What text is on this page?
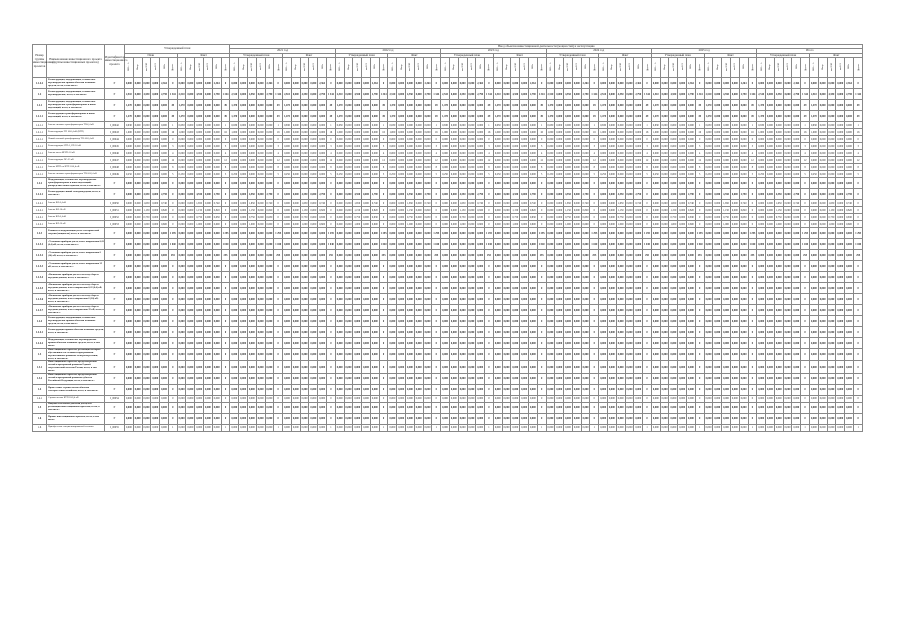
Номер группы инвестиционных проектов	Наименование инвестиционного проекта (группы инвестиционных проектов)	Идентификатор инвестиционного проекта	Утвержденный план	Ввод объектов инвестиционной деятельности (мощностей) в эксплуатацию
2021 год	2022 год	2023 год	2024 год	2025 год	Итого
План	Факт	Утвержденный план	Факт	Утвержденный план	Факт	Утвержденный план	Факт	Утвержденный план	Факт	Утвержденный план	Факт	Утвержденный план	Факт
МВ×А	Мвар	км ЛЭП	км КЛ	МВт	Другое	МВ×А	Мвар	км ЛЭП	км КЛ	МВт	Другое	МВ×А	Мвар	км ЛЭП	км КЛ	МВт	Другое	МВ×А	Мвар	км ЛЭП	км КЛ	МВт	Другое	МВ×А	Мвар	км ЛЭП	км КЛ	МВт	Другое	МВ×А	Мвар	км ЛЭП	км КЛ	МВт	Другое	МВ×А	Мвар	км ЛЭП	км КЛ	МВт	Другое	МВ×А	Мвар	км ЛЭП	км КЛ	МВт	Другое	МВ×А	Мвар	км ЛЭП	км КЛ	МВт	Другое	МВ×А	Мвар	км ЛЭП	км КЛ	МВт	Другое	МВ×А	Мвар	км ЛЭП	км КЛ	МВт	Другое	МВ×А	Мвар	км ЛЭП	км КЛ	МВт	Другое	МВ×А	Мвар	км ЛЭП	км КЛ	МВт	Другое	МВ×А	Мвар	км ЛЭП	км КЛ	МВт	Другое
1.1.4.2	Реконструкция, модернизация, техническое перевооружение прочих объектов основных средств, всего, в том числе:	Г	0,000	0,000	0,000	0,000	2,364	0	0,000	0,000	0,000	0,000	2,364	0	0,000	0,000	0,000	0,000	2,364	0	0,000	0,000	0,000	0,000	2,364	0	0,000	0,000	0,000	0,000	2,364	0	0,000	0,000	0,000	0,000	2,364	0	0,000	0,000	0,000	0,000	2,364	0	0,000	0,000	0,000	0,000	2,364	0	0,000	0,000	0,000	0,000	2,364	0	0,000	0,000	0,000	0,000	2,364	0	0,000	0,000	0,000	0,000	2,364	0	0,000	0,000	0,000	0,000	2,364	0	0,000	0,000	0,000	0,000	2,364	0	0,000	0,000	0,000	0,000	2,364	0
1.2	Реконструкция, модернизация, техническое перевооружение, всего, в том числе:	Г	2,510	0,000	4,550	0,000	2,790	1 344	2,510	0,000	4,550	0,000	2,790	1 344	2,510	0,000	4,550	0,000	2,790	1 344	2,510	0,000	4,550	0,000	2,790	1 344	2,510	0,000	4,550	0,000	2,790	1 344	2,510	0,000	4,550	0,000	2,790	1 344	2,510	0,000	4,550	0,000	2,790	1 344	2,510	0,000	4,550	0,000	2,790	1 344	2,510	0,000	4,550	0,000	2,790	1 344	2,510	0,000	4,550	0,000	2,790	1 344	2,510	0,000	4,550	0,000	2,790	1 344	2,510	0,000	4,550	0,000	2,790	1 344	2,510	0,000	4,550	0,000	2,790	1 344	2,510	0,000	4,550	0,000	2,790	1 344
1.2.1	Реконструкция, модернизация, техническое перевооружение трансформаторных и иных подстанций, всего, в том числе:	Г	1,470	0,000	0,000	0,000	0,000	49	1,470	0,000	0,000	0,000	0,000	49	1,470	0,000	0,000	0,000	0,000	49	1,470	0,000	0,000	0,000	0,000	49	1,470	0,000	0,000	0,000	0,000	49	1,470	0,000	0,000	0,000	0,000	49	1,470	0,000	0,000	0,000	0,000	49	1,470	0,000	0,000	0,000	0,000	49	1,470	0,000	0,000	0,000	0,000	49	1,470	0,000	0,000	0,000	0,000	49	1,470	0,000	0,000	0,000	0,000	49	1,470	0,000	0,000	0,000	0,000	49	1,470	0,000	0,000	0,000	0,000	49	1,470	0,000	0,000	0,000	0,000	49
1.2.1.1	Реконструкция трансформаторных и иных подстанций, всего, в том числе:	Г	1,470	0,000	0,000	0,000	0,000	49	1,470	0,000	0,000	0,000	0,000	49	1,470	0,000	0,000	0,000	0,000	49	1,470	0,000	0,000	0,000	0,000	49	1,470	0,000	0,000	0,000	0,000	49	1,470	0,000	0,000	0,000	0,000	49	1,470	0,000	0,000	0,000	0,000	49	1,470	0,000	0,000	0,000	0,000	49	1,470	0,000	0,000	0,000	0,000	49	1,470	0,000	0,000	0,000	0,000	49	1,470	0,000	0,000	0,000	0,000	49	1,470	0,000	0,000	0,000	0,000	49	1,470	0,000	0,000	0,000	0,000	49	1,470	0,000	0,000	0,000	0,000	49
1.2.1.1	Замена силовых трансформаторов ТП-0,4 кВ	I_00042	0,630	0,000	0,000	0,000	0,000	1	0,630	0,000	0,000	0,000	0,000	1	0,630	0,000	0,000	0,000	0,000	1	0,630	0,000	0,000	0,000	0,000	1	0,630	0,000	0,000	0,000	0,000	1	0,630	0,000	0,000	0,000	0,000	1	0,630	0,000	0,000	0,000	0,000	1	0,630	0,000	0,000	0,000	0,000	1	0,630	0,000	0,000	0,000	0,000	1	0,630	0,000	0,000	0,000	0,000	1	0,630	0,000	0,000	0,000	0,000	1	0,630	0,000	0,000	0,000	0,000	1	0,630	0,000	0,000	0,000	0,000	1	0,630	0,000	0,000	0,000	0,000	1
1.2.1.1	Реконструкция ТП 10/0,4 кВ (КТП)	I_00043	1,000	0,000	0,000	0,000	0,000	16	1,000	0,000	0,000	0,000	0,000	16	1,000	0,000	0,000	0,000	0,000	16	1,000	0,000	0,000	0,000	0,000	16	1,000	0,000	0,000	0,000	0,000	16	1,000	0,000	0,000	0,000	0,000	16	1,000	0,000	0,000	0,000	0,000	16	1,000	0,000	0,000	0,000	0,000	16	1,000	0,000	0,000	0,000	0,000	16	1,000	0,000	0,000	0,000	0,000	16	1,000	0,000	0,000	0,000	0,000	16	1,000	0,000	0,000	0,000	0,000	16	1,000	0,000	0,000	0,000	0,000	16	1,000	0,000	0,000	0,000	0,000	16
1.2.1.1	Новый силовой трансформатор ТП-10/0,4 кВ	I_00044	0,000	0,000	0,000	0,000	0,000	0	0,000	0,000	0,000	0,000	0,000	0	0,000	0,000	0,000	0,000	0,000	0	0,000	0,000	0,000	0,000	0,000	0	0,000	0,000	0,000	0,000	0,000	0	0,000	0,000	0,000	0,000	0,000	0	0,000	0,000	0,000	0,000	0,000	0	0,000	0,000	0,000	0,000	0,000	0	0,000	0,000	0,000	0,000	0,000	0	0,000	0,000	0,000	0,000	0,000	0	0,000	0,000	0,000	0,000	0,000	0	0,000	0,000	0,000	0,000	0,000	0	0,000	0,000	0,000	0,000	0,000	0	0,000	0,000	0,000	0,000	0,000	0
1.2.1.1	Реконструкция ЗТП-5, РП-10 кВ	I_00045	0,000	0,000	0,000	0,000	0,000	3	0,000	0,000	0,000	0,000	0,000	3	0,000	0,000	0,000	0,000	0,000	3	0,000	0,000	0,000	0,000	0,000	3	0,000	0,000	0,000	0,000	0,000	3	0,000	0,000	0,000	0,000	0,000	3	0,000	0,000	0,000	0,000	0,000	3	0,000	0,000	0,000	0,000	0,000	3	0,000	0,000	0,000	0,000	0,000	3	0,000	0,000	0,000	0,000	0,000	3	0,000	0,000	0,000	0,000	0,000	3	0,000	0,000	0,000	0,000	0,000	3	0,000	0,000	0,000	0,000	0,000	3	0,000	0,000	0,000	0,000	0,000	3
1.2.1.1	Замена ячеек КРУН-10 кВ	I_00046	0,000	0,000	0,000	0,000	0,000	4	0,000	0,000	0,000	0,000	0,000	4	0,000	0,000	0,000	0,000	0,000	4	0,000	0,000	0,000	0,000	0,000	4	0,000	0,000	0,000	0,000	0,000	4	0,000	0,000	0,000	0,000	0,000	4	0,000	0,000	0,000	0,000	0,000	4	0,000	0,000	0,000	0,000	0,000	4	0,000	0,000	0,000	0,000	0,000	4	0,000	0,000	0,000	0,000	0,000	4	0,000	0,000	0,000	0,000	0,000	4	0,000	0,000	0,000	0,000	0,000	4	0,000	0,000	0,000	0,000	0,000	4	0,000	0,000	0,000	0,000	0,000	4
1.2.1.1	Реконструкция ПС-35 кВ	I_00047	0,000	0,000	0,000	0,000	0,000	12	0,000	0,000	0,000	0,000	0,000	12	0,000	0,000	0,000	0,000	0,000	12	0,000	0,000	0,000	0,000	0,000	12	0,000	0,000	0,000	0,000	0,000	12	0,000	0,000	0,000	0,000	0,000	12	0,000	0,000	0,000	0,000	0,000	12	0,000	0,000	0,000	0,000	0,000	12	0,000	0,000	0,000	0,000	0,000	12	0,000	0,000	0,000	0,000	0,000	12	0,000	0,000	0,000	0,000	0,000	12	0,000	0,000	0,000	0,000	0,000	12	0,000	0,000	0,000	0,000	0,000	12	0,000	0,000	0,000	0,000	0,000	12
1.2.1.1	Замена МТП на КТП 10/0,4 кВ	I_00048	0,000	0,000	0,000	0,000	0,000	8	0,000	0,000	0,000	0,000	0,000	8	0,000	0,000	0,000	0,000	0,000	8	0,000	0,000	0,000	0,000	0,000	8	0,000	0,000	0,000	0,000	0,000	8	0,000	0,000	0,000	0,000	0,000	8	0,000	0,000	0,000	0,000	0,000	8	0,000	0,000	0,000	0,000	0,000	8	0,000	0,000	0,000	0,000	0,000	8	0,000	0,000	0,000	0,000	0,000	8	0,000	0,000	0,000	0,000	0,000	8	0,000	0,000	0,000	0,000	0,000	8	0,000	0,000	0,000	0,000	0,000	8	0,000	0,000	0,000	0,000	0,000	8
1.2.1.1	Замена силовых трансформаторов ТП-10/0,4 кВ	I_00049	0,250	0,000	0,000	0,000	0,000	5	0,250	0,000	0,000	0,000	0,000	5	0,250	0,000	0,000	0,000	0,000	5	0,250	0,000	0,000	0,000	0,000	5	0,250	0,000	0,000	0,000	0,000	5	0,250	0,000	0,000	0,000	0,000	5	0,250	0,000	0,000	0,000	0,000	5	0,250	0,000	0,000	0,000	0,000	5	0,250	0,000	0,000	0,000	0,000	5	0,250	0,000	0,000	0,000	0,000	5	0,250	0,000	0,000	0,000	0,000	5	0,250	0,000	0,000	0,000	0,000	5	0,250	0,000	0,000	0,000	0,000	5	0,250	0,000	0,000	0,000	0,000	5
1.2.2	Модернизация, техническое перевооружение трансформаторных и иных подстанций, распределительных пунктов, всего, в том числе:	Г	0,000	0,000	0,000	0,000	0,000	0	0,000	0,000	0,000	0,000	0,000	0	0,000	0,000	0,000	0,000	0,000	0	0,000	0,000	0,000	0,000	0,000	0	0,000	0,000	0,000	0,000	0,000	0	0,000	0,000	0,000	0,000	0,000	0	0,000	0,000	0,000	0,000	0,000	0	0,000	0,000	0,000	0,000	0,000	0	0,000	0,000	0,000	0,000	0,000	0	0,000	0,000	0,000	0,000	0,000	0	0,000	0,000	0,000	0,000	0,000	0	0,000	0,000	0,000	0,000	0,000	0	0,000	0,000	0,000	0,000	0,000	0	0,000	0,000	0,000	0,000	0,000	0
1.2.2.1	Реконструкция линий электропередачи, всего, в том числе:	Г	0,000	0,000	4,550	0,000	2,790	0	0,000	0,000	4,550	0,000	2,790	0	0,000	0,000	4,550	0,000	2,790	0	0,000	0,000	4,550	0,000	2,790	0	0,000	0,000	4,550	0,000	2,790	0	0,000	0,000	4,550	0,000	2,790	0	0,000	0,000	4,550	0,000	2,790	0	0,000	0,000	4,550	0,000	2,790	0	0,000	0,000	4,550	0,000	2,790	0	0,000	0,000	4,550	0,000	2,790	0	0,000	0,000	4,550	0,000	2,790	0	0,000	0,000	4,550	0,000	2,790	0	0,000	0,000	4,550	0,000	2,790	0	0,000	0,000	4,550	0,000	2,790	0
1.2.2.1	Замена ВЛ-0,4 кВ	I_00050	0,000	0,000	1,650	0,000	0,740	0	0,000	0,000	1,650	0,000	0,740	0	0,000	0,000	1,650	0,000	0,740	0	0,000	0,000	1,650	0,000	0,740	0	0,000	0,000	1,650	0,000	0,740	0	0,000	0,000	1,650	0,000	0,740	0	0,000	0,000	1,650	0,000	0,740	0	0,000	0,000	1,650	0,000	0,740	0	0,000	0,000	1,650	0,000	0,740	0	0,000	0,000	1,650	0,000	0,740	0	0,000	0,000	1,650	0,000	0,740	0	0,000	0,000	1,650	0,000	0,740	0	0,000	0,000	1,650	0,000	0,740	0	0,000	0,000	1,650	0,000	0,740	0
1.2.2.1	Замена ВЛ-10 кВ	I_00051	0,000	0,000	1,150	0,000	0,820	0	0,000	0,000	1,150	0,000	0,820	0	0,000	0,000	1,150	0,000	0,820	0	0,000	0,000	1,150	0,000	0,820	0	0,000	0,000	1,150	0,000	0,820	0	0,000	0,000	1,150	0,000	0,820	0	0,000	0,000	1,150	0,000	0,820	0	0,000	0,000	1,150	0,000	0,820	0	0,000	0,000	1,150	0,000	0,820	0	0,000	0,000	1,150	0,000	0,820	0	0,000	0,000	1,150	0,000	0,820	0	0,000	0,000	1,150	0,000	0,820	0	0,000	0,000	1,150	0,000	0,820	0	0,000	0,000	1,150	0,000	0,820	0
1.2.2.1	Замена КЛ-0,4 кВ	I_00052	0,000	0,000	0,750	0,000	0,630	0	0,000	0,000	0,750	0,000	0,630	0	0,000	0,000	0,750	0,000	0,630	0	0,000	0,000	0,750	0,000	0,630	0	0,000	0,000	0,750	0,000	0,630	0	0,000	0,000	0,750	0,000	0,630	0	0,000	0,000	0,750	0,000	0,630	0	0,000	0,000	0,750	0,000	0,630	0	0,000	0,000	0,750	0,000	0,630	0	0,000	0,000	0,750	0,000	0,630	0	0,000	0,000	0,750	0,000	0,630	0	0,000	0,000	0,750	0,000	0,630	0	0,000	0,000	0,750	0,000	0,630	0	0,000	0,000	0,750	0,000	0,630	0
1.2.2.1	Замена КЛ-10 кВ	I_00053	0,000	0,000	1,000	0,000	0,600	0	0,000	0,000	1,000	0,000	0,600	0	0,000	0,000	1,000	0,000	0,600	0	0,000	0,000	1,000	0,000	0,600	0	0,000	0,000	1,000	0,000	0,600	0	0,000	0,000	1,000	0,000	0,600	0	0,000	0,000	1,000	0,000	0,600	0	0,000	0,000	1,000	0,000	0,600	0	0,000	0,000	1,000	0,000	0,600	0	0,000	0,000	1,000	0,000	0,600	0	0,000	0,000	1,000	0,000	0,600	0	0,000	0,000	1,000	0,000	0,600	0	0,000	0,000	1,000	0,000	0,600	0	0,000	0,000	1,000	0,000	0,600	0
1.2.3	Развитие и модернизация учета электрической энергии (мощности), всего, в том числе:	Г	0,000	0,000	0,000	0,000	0,000	1 295	0,000	0,000	0,000	0,000	0,000	1 295	0,000	0,000	0,000	0,000	0,000	1 295	0,000	0,000	0,000	0,000	0,000	1 295	0,000	0,000	0,000	0,000	0,000	1 295	0,000	0,000	0,000	0,000	0,000	1 295	0,000	0,000	0,000	0,000	0,000	1 295	0,000	0,000	0,000	0,000	0,000	1 295	0,000	0,000	0,000	0,000	0,000	1 295	0,000	0,000	0,000	0,000	0,000	1 295	0,000	0,000	0,000	0,000	0,000	1 295	0,000	0,000	0,000	0,000	0,000	1 295	0,000	0,000	0,000	0,000	0,000	1 295	0,000	0,000	0,000	0,000	0,000	1 295
1.2.3.1	«Установка приборов учета, класс напряжения 0,22 (0,4) кВ, всего, в том числе:»	Г	0,000	0,000	0,000	0,000	0,000	1 040	0,000	0,000	0,000	0,000	0,000	1 040	0,000	0,000	0,000	0,000	0,000	1 040	0,000	0,000	0,000	0,000	0,000	1 040	0,000	0,000	0,000	0,000	0,000	1 040	0,000	0,000	0,000	0,000	0,000	1 040	0,000	0,000	0,000	0,000	0,000	1 040	0,000	0,000	0,000	0,000	0,000	1 040	0,000	0,000	0,000	0,000	0,000	1 040	0,000	0,000	0,000	0,000	0,000	1 040	0,000	0,000	0,000	0,000	0,000	1 040	0,000	0,000	0,000	0,000	0,000	1 040	0,000	0,000	0,000	0,000	0,000	1 040	0,000	0,000	0,000	0,000	0,000	1 040
1.2.3.2	«Установка приборов учета, класс напряжения 6 (10) кВ, всего, в том числе:»	Г	0,000	0,000	0,000	0,000	0,000	255	0,000	0,000	0,000	0,000	0,000	255	0,000	0,000	0,000	0,000	0,000	255	0,000	0,000	0,000	0,000	0,000	255	0,000	0,000	0,000	0,000	0,000	255	0,000	0,000	0,000	0,000	0,000	255	0,000	0,000	0,000	0,000	0,000	255	0,000	0,000	0,000	0,000	0,000	255	0,000	0,000	0,000	0,000	0,000	255	0,000	0,000	0,000	0,000	0,000	255	0,000	0,000	0,000	0,000	0,000	255	0,000	0,000	0,000	0,000	0,000	255	0,000	0,000	0,000	0,000	0,000	255	0,000	0,000	0,000	0,000	0,000	255
1.2.3.3	«Установка приборов учета, класс напряжения 35 кВ, всего, в том числе:»	Г	0,000	0,000	0,000	0,000	0,000	0	0,000	0,000	0,000	0,000	0,000	0	0,000	0,000	0,000	0,000	0,000	0	0,000	0,000	0,000	0,000	0,000	0	0,000	0,000	0,000	0,000	0,000	0	0,000	0,000	0,000	0,000	0,000	0	0,000	0,000	0,000	0,000	0,000	0	0,000	0,000	0,000	0,000	0,000	0	0,000	0,000	0,000	0,000	0,000	0	0,000	0,000	0,000	0,000	0,000	0	0,000	0,000	0,000	0,000	0,000	0	0,000	0,000	0,000	0,000	0,000	0	0,000	0,000	0,000	0,000	0,000	0	0,000	0,000	0,000	0,000	0,000	0
1.2.3.4	«Включение приборов учета в систему сбора и передачи данных, всего, в том числе:»	Г	0,000	0,000	0,000	0,000	0,000	0	0,000	0,000	0,000	0,000	0,000	0	0,000	0,000	0,000	0,000	0,000	0	0,000	0,000	0,000	0,000	0,000	0	0,000	0,000	0,000	0,000	0,000	0	0,000	0,000	0,000	0,000	0,000	0	0,000	0,000	0,000	0,000	0,000	0	0,000	0,000	0,000	0,000	0,000	0	0,000	0,000	0,000	0,000	0,000	0	0,000	0,000	0,000	0,000	0,000	0	0,000	0,000	0,000	0,000	0,000	0	0,000	0,000	0,000	0,000	0,000	0	0,000	0,000	0,000	0,000	0,000	0	0,000	0,000	0,000	0,000	0,000	0
1.2.3.5	«Включение приборов учета в систему сбора и передачи данных, класс напряжения 0,22 (0,4) кВ, всего, в том числе:»	Г	0,000	0,000	0,000	0,000	0,000	0	0,000	0,000	0,000	0,000	0,000	0	0,000	0,000	0,000	0,000	0,000	0	0,000	0,000	0,000	0,000	0,000	0	0,000	0,000	0,000	0,000	0,000	0	0,000	0,000	0,000	0,000	0,000	0	0,000	0,000	0,000	0,000	0,000	0	0,000	0,000	0,000	0,000	0,000	0	0,000	0,000	0,000	0,000	0,000	0	0,000	0,000	0,000	0,000	0,000	0	0,000	0,000	0,000	0,000	0,000	0	0,000	0,000	0,000	0,000	0,000	0	0,000	0,000	0,000	0,000	0,000	0	0,000	0,000	0,000	0,000	0,000	0
1.2.3.6	«Включение приборов учета в систему сбора и передачи данных, класс напряжения 6 (10) кВ, всего, в том числе:»	Г	0,000	0,000	0,000	0,000	0,000	0	0,000	0,000	0,000	0,000	0,000	0	0,000	0,000	0,000	0,000	0,000	0	0,000	0,000	0,000	0,000	0,000	0	0,000	0,000	0,000	0,000	0,000	0	0,000	0,000	0,000	0,000	0,000	0	0,000	0,000	0,000	0,000	0,000	0	0,000	0,000	0,000	0,000	0,000	0	0,000	0,000	0,000	0,000	0,000	0	0,000	0,000	0,000	0,000	0,000	0	0,000	0,000	0,000	0,000	0,000	0	0,000	0,000	0,000	0,000	0,000	0	0,000	0,000	0,000	0,000	0,000	0	0,000	0,000	0,000	0,000	0,000	0
1.2.3.7	«Включение приборов учета в систему сбора и передачи данных, класс напряжения 35 кВ, всего, в том числе:»	Г	0,000	0,000	0,000	0,000	0,000	0	0,000	0,000	0,000	0,000	0,000	0	0,000	0,000	0,000	0,000	0,000	0	0,000	0,000	0,000	0,000	0,000	0	0,000	0,000	0,000	0,000	0,000	0	0,000	0,000	0,000	0,000	0,000	0	0,000	0,000	0,000	0,000	0,000	0	0,000	0,000	0,000	0,000	0,000	0	0,000	0,000	0,000	0,000	0,000	0	0,000	0,000	0,000	0,000	0,000	0	0,000	0,000	0,000	0,000	0,000	0	0,000	0,000	0,000	0,000	0,000	0	0,000	0,000	0,000	0,000	0,000	0	0,000	0,000	0,000	0,000	0,000	0
1.2.4	Реконструкция, модернизация, техническое перевооружение прочих объектов основных средств, всего, в том числе:	Г	0,000	0,000	0,000	0,000	0,000	0	0,000	0,000	0,000	0,000	0,000	0	0,000	0,000	0,000	0,000	0,000	0	0,000	0,000	0,000	0,000	0,000	0	0,000	0,000	0,000	0,000	0,000	0	0,000	0,000	0,000	0,000	0,000	0	0,000	0,000	0,000	0,000	0,000	0	0,000	0,000	0,000	0,000	0,000	0	0,000	0,000	0,000	0,000	0,000	0	0,000	0,000	0,000	0,000	0,000	0	0,000	0,000	0,000	0,000	0,000	0	0,000	0,000	0,000	0,000	0,000	0	0,000	0,000	0,000	0,000	0,000	0	0,000	0,000	0,000	0,000	0,000	0
1.2.4.1	Реконструкция прочих объектов основных средств, всего, в том числе:	Г	0,000	0,000	0,000	0,000	0,000	0	0,000	0,000	0,000	0,000	0,000	0	0,000	0,000	0,000	0,000	0,000	0	0,000	0,000	0,000	0,000	0,000	0	0,000	0,000	0,000	0,000	0,000	0	0,000	0,000	0,000	0,000	0,000	0	0,000	0,000	0,000	0,000	0,000	0	0,000	0,000	0,000	0,000	0,000	0	0,000	0,000	0,000	0,000	0,000	0	0,000	0,000	0,000	0,000	0,000	0	0,000	0,000	0,000	0,000	0,000	0	0,000	0,000	0,000	0,000	0,000	0	0,000	0,000	0,000	0,000	0,000	0	0,000	0,000	0,000	0,000	0,000	0
1.2.4.2	Модернизация, техническое перевооружение прочих объектов основных средств, всего, в том числе:	Г	0,000	0,000	0,000	0,000	0,000	0	0,000	0,000	0,000	0,000	0,000	0	0,000	0,000	0,000	0,000	0,000	0	0,000	0,000	0,000	0,000	0,000	0	0,000	0,000	0,000	0,000	0,000	0	0,000	0,000	0,000	0,000	0,000	0	0,000	0,000	0,000	0,000	0,000	0	0,000	0,000	0,000	0,000	0,000	0	0,000	0,000	0,000	0,000	0,000	0	0,000	0,000	0,000	0,000	0,000	0	0,000	0,000	0,000	0,000	0,000	0	0,000	0,000	0,000	0,000	0,000	0	0,000	0,000	0,000	0,000	0,000	0	0,000	0,000	0,000	0,000	0,000	0
1.3	Инвестиционные проекты, реализация которых обусловливается схемами и программами перспективного развития электроэнергетики, всего, в том числе:	Г	0,000	0,000	0,000	0,000	0,000	0	0,000	0,000	0,000	0,000	0,000	0	0,000	0,000	0,000	0,000	0,000	0	0,000	0,000	0,000	0,000	0,000	0	0,000	0,000	0,000	0,000	0,000	0	0,000	0,000	0,000	0,000	0,000	0	0,000	0,000	0,000	0,000	0,000	0	0,000	0,000	0,000	0,000	0,000	0	0,000	0,000	0,000	0,000	0,000	0	0,000	0,000	0,000	0,000	0,000	0	0,000	0,000	0,000	0,000	0,000	0	0,000	0,000	0,000	0,000	0,000	0	0,000	0,000	0,000	0,000	0,000	0	0,000	0,000	0,000	0,000	0,000	0
1.3.1	Инвестиционные проекты, предусмотренные схемой и программой развития Единой энергетической системы России, всего, в том числе:	Г	0,000	0,000	0,000	0,000	0,000	0	0,000	0,000	0,000	0,000	0,000	0	0,000	0,000	0,000	0,000	0,000	0	0,000	0,000	0,000	0,000	0,000	0	0,000	0,000	0,000	0,000	0,000	0	0,000	0,000	0,000	0,000	0,000	0	0,000	0,000	0,000	0,000	0,000	0	0,000	0,000	0,000	0,000	0,000	0	0,000	0,000	0,000	0,000	0,000	0	0,000	0,000	0,000	0,000	0,000	0	0,000	0,000	0,000	0,000	0,000	0	0,000	0,000	0,000	0,000	0,000	0	0,000	0,000	0,000	0,000	0,000	0	0,000	0,000	0,000	0,000	0,000	0
1.3.2	Инвестиционные проекты, предусмотренные схемой и программой развития субъекта Российской Федерации, всего, в том числе:	Г	0,000	0,000	0,000	0,000	0,000	0	0,000	0,000	0,000	0,000	0,000	0	0,000	0,000	0,000	0,000	0,000	0	0,000	0,000	0,000	0,000	0,000	0	0,000	0,000	0,000	0,000	0,000	0	0,000	0,000	0,000	0,000	0,000	0	0,000	0,000	0,000	0,000	0,000	0	0,000	0,000	0,000	0,000	0,000	0	0,000	0,000	0,000	0,000	0,000	0	0,000	0,000	0,000	0,000	0,000	0	0,000	0,000	0,000	0,000	0,000	0	0,000	0,000	0,000	0,000	0,000	0	0,000	0,000	0,000	0,000	0,000	0	0,000	0,000	0,000	0,000	0,000	0
1.4	Прочее новое строительство объектов электросетевого хозяйства, всего, в том числе:	Г	0,000	0,000	0,000	0,000	0,000	0	0,000	0,000	0,000	0,000	0,000	0	0,000	0,000	0,000	0,000	0,000	0	0,000	0,000	0,000	0,000	0,000	0	0,000	0,000	0,000	0,000	0,000	0	0,000	0,000	0,000	0,000	0,000	0	0,000	0,000	0,000	0,000	0,000	0	0,000	0,000	0,000	0,000	0,000	0	0,000	0,000	0,000	0,000	0,000	0	0,000	0,000	0,000	0,000	0,000	0	0,000	0,000	0,000	0,000	0,000	0	0,000	0,000	0,000	0,000	0,000	0	0,000	0,000	0,000	0,000	0,000	0	0,000	0,000	0,000	0,000	0,000	0
1.4.1	Строительство КТП 10/0,4 кВ	I_00054	0,000	0,000	0,000	0,000	0,000	0	0,000	0,000	0,000	0,000	0,000	0	0,000	0,000	0,000	0,000	0,000	0	0,000	0,000	0,000	0,000	0,000	0	0,000	0,000	0,000	0,000	0,000	0	0,000	0,000	0,000	0,000	0,000	0	0,000	0,000	0,000	0,000	0,000	0	0,000	0,000	0,000	0,000	0,000	0	0,000	0,000	0,000	0,000	0,000	0	0,000	0,000	0,000	0,000	0,000	0	0,000	0,000	0,000	0,000	0,000	0	0,000	0,000	0,000	0,000	0,000	0	0,000	0,000	0,000	0,000	0,000	0	0,000	0,000	0,000	0,000	0,000	0
1.5	Покупка земельных участков для целей реализации инвестиционных проектов, всего, в том числе:	Г	0,000	0,000	0,000	0,000	0,000	0	0,000	0,000	0,000	0,000	0,000	0	0,000	0,000	0,000	0,000	0,000	0	0,000	0,000	0,000	0,000	0,000	0	0,000	0,000	0,000	0,000	0,000	0	0,000	0,000	0,000	0,000	0,000	0	0,000	0,000	0,000	0,000	0,000	0	0,000	0,000	0,000	0,000	0,000	0	0,000	0,000	0,000	0,000	0,000	0	0,000	0,000	0,000	0,000	0,000	0	0,000	0,000	0,000	0,000	0,000	0	0,000	0,000	0,000	0,000	0,000	0	0,000	0,000	0,000	0,000	0,000	0	0,000	0,000	0,000	0,000	0,000	0
1.6	Прочие инвестиционные проекты, всего, в том числе:	Г	0,000	0,000	0,000	0,000	0,000	0	0,000	0,000	0,000	0,000	0,000	0	0,000	0,000	0,000	0,000	0,000	0	0,000	0,000	0,000	0,000	0,000	0	0,000	0,000	0,000	0,000	0,000	0	0,000	0,000	0,000	0,000	0,000	0	0,000	0,000	0,000	0,000	0,000	0	0,000	0,000	0,000	0,000	0,000	0	0,000	0,000	0,000	0,000	0,000	0	0,000	0,000	0,000	0,000	0,000	0	0,000	0,000	0,000	0,000	0,000	0	0,000	0,000	0,000	0,000	0,000	0	0,000	0,000	0,000	0,000	0,000	0	0,000	0,000	0,000	0,000	0,000	0
1.6	Приобретение специализированной техники	I_00055	0,000	0,000	0,000	0,000	0,000	1	0,000	0,000	0,000	0,000	0,000	1	0,000	0,000	0,000	0,000	0,000	1	0,000	0,000	0,000	0,000	0,000	1	0,000	0,000	0,000	0,000	0,000	1	0,000	0,000	0,000	0,000	0,000	1	0,000	0,000	0,000	0,000	0,000	1	0,000	0,000	0,000	0,000	0,000	1	0,000	0,000	0,000	0,000	0,000	1	0,000	0,000	0,000	0,000	0,000	1	0,000	0,000	0,000	0,000	0,000	1	0,000	0,000	0,000	0,000	0,000	1	0,000	0,000	0,000	0,000	0,000	1	0,000	0,000	0,000	0,000	0,000	1
